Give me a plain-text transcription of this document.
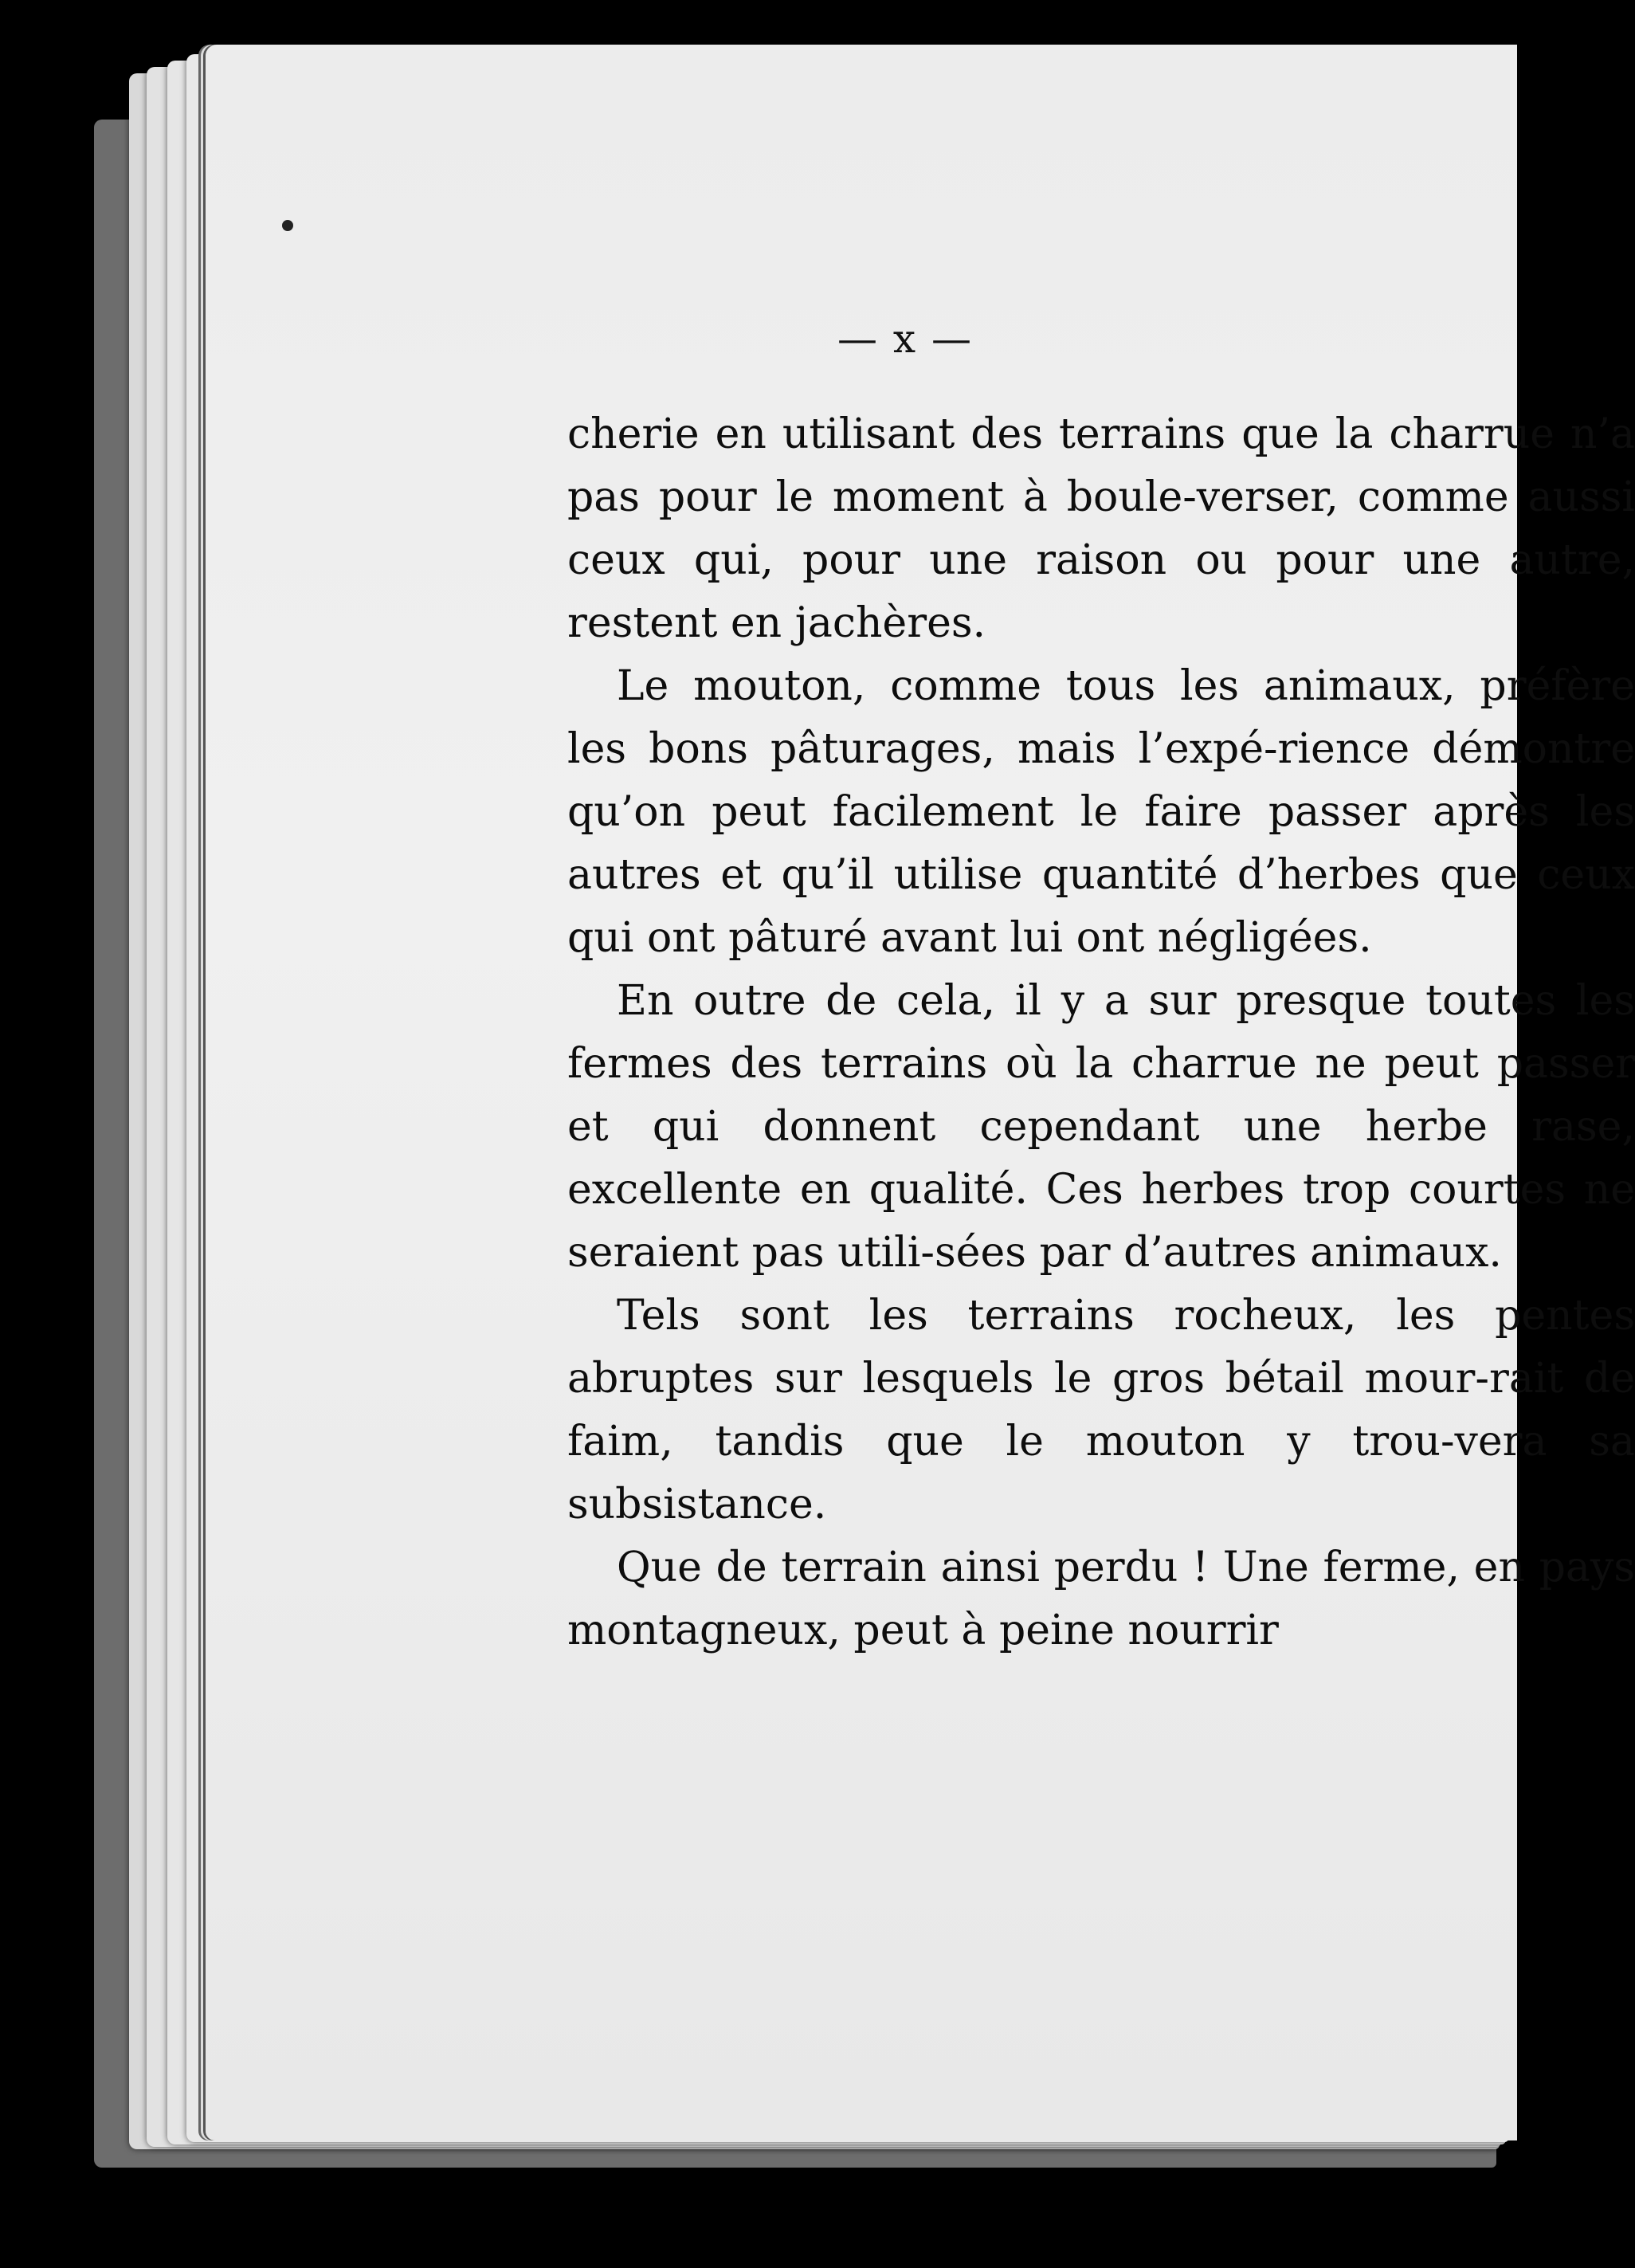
— x —

cherie en utilisant des terrains que la charrue n’a pas pour le moment à boule-verser, comme aussi ceux qui, pour une raison ou pour une autre, restent en jachères.

Le mouton, comme tous les animaux, préfère les bons pâturages, mais l’expé-rience démontre qu’on peut facilement le faire passer après les autres et qu’il utilise quantité d’herbes que ceux qui ont pâturé avant lui ont négligées.

En outre de cela, il y a sur presque toutes les fermes des terrains où la charrue ne peut passer et qui donnent cependant une herbe rase, excellente en qualité. Ces herbes trop courtes ne seraient pas utili-sées par d’autres animaux.

Tels sont les terrains rocheux, les pentes abruptes sur lesquels le gros bétail mour-rait de faim, tandis que le mouton y trou-vera sa subsistance.

Que de terrain ainsi perdu ! Une ferme, en pays montagneux, peut à peine nourrir
